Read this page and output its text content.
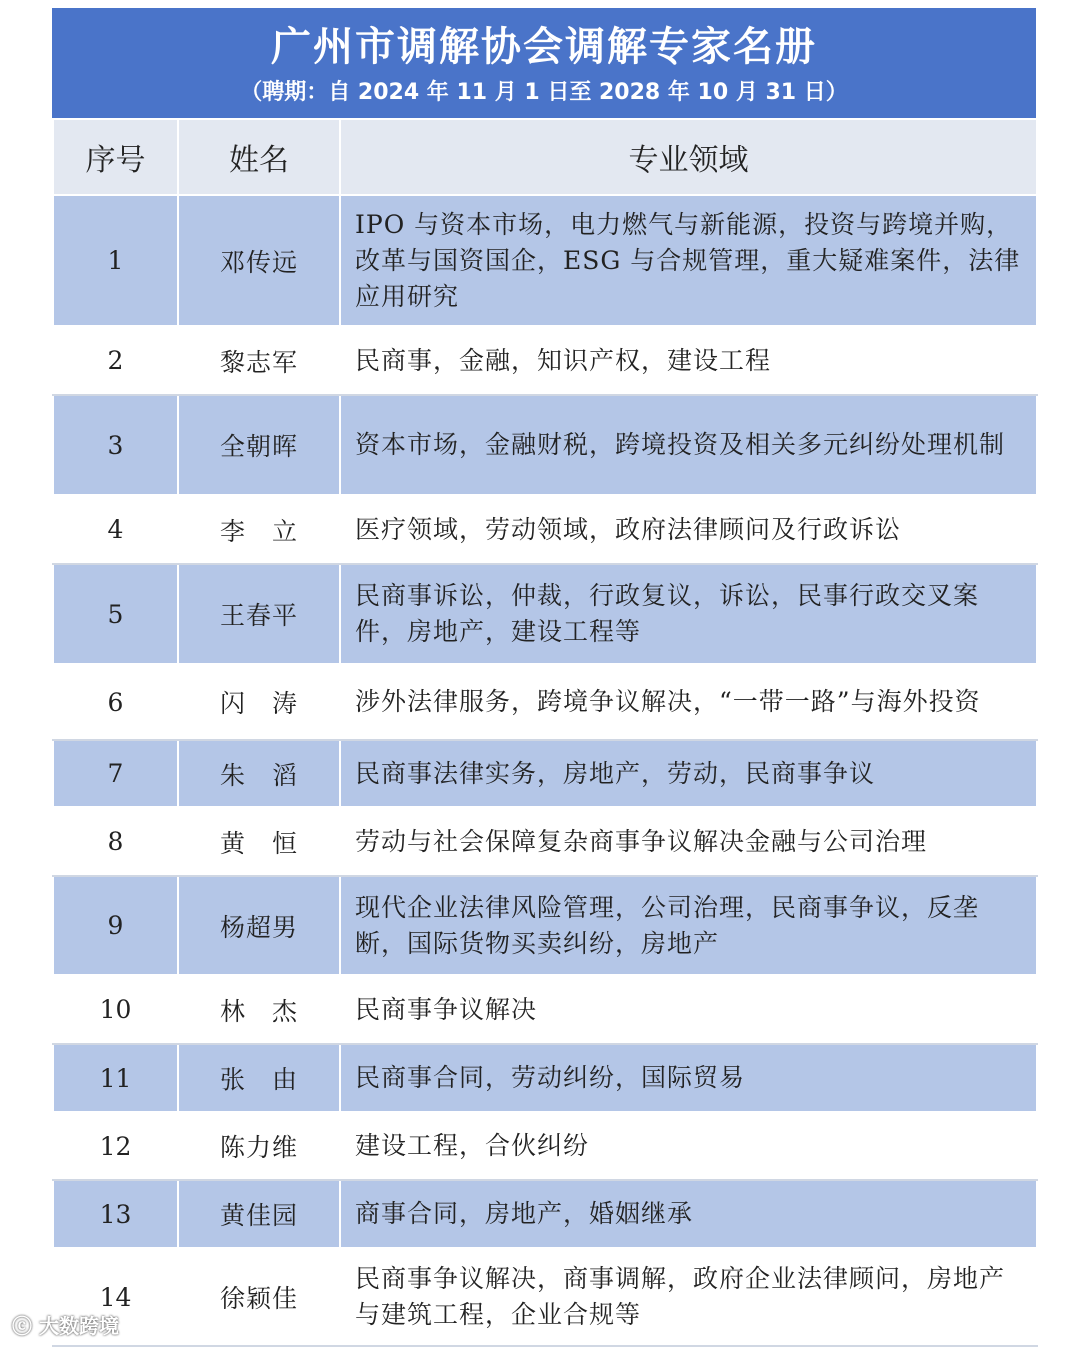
广州市调解协会调解专家名册
（聘期：自 2024 年 11 月 1 日至 2028 年 10 月 31 日）
序号	姓名	专业领域
1	邓传远	IPO 与资本市场，电力燃气与新能源，投资与跨境并购，改革与国资国企，ESG 与合规管理，重大疑难案件，法律应用研究
2	黎志军	民商事，金融，知识产权，建设工程
3	全朝晖	资本市场，金融财税，跨境投资及相关多元纠纷处理机制
4	李　立	医疗领域，劳动领域，政府法律顾问及行政诉讼
5	王春平	民商事诉讼，仲裁，行政复议，诉讼，民事行政交叉案件，房地产，建设工程等
6	闪　涛	涉外法律服务，跨境争议解决，“一带一路”与海外投资
7	朱　滔	民商事法律实务，房地产，劳动，民商事争议
8	黄　恒	劳动与社会保障复杂商事争议解决金融与公司治理
9	杨超男	现代企业法律风险管理，公司治理，民商事争议，反垄断，国际货物买卖纠纷，房地产
10	林　杰	民商事争议解决
11	张　由	民商事合同，劳动纠纷，国际贸易
12	陈力维	建设工程，合伙纠纷
13	黄佳园	商事合同，房地产，婚姻继承
14	徐颖佳	民商事争议解决，商事调解，政府企业法律顾问，房地产与建筑工程，企业合规等
ⓒ 大数跨境
